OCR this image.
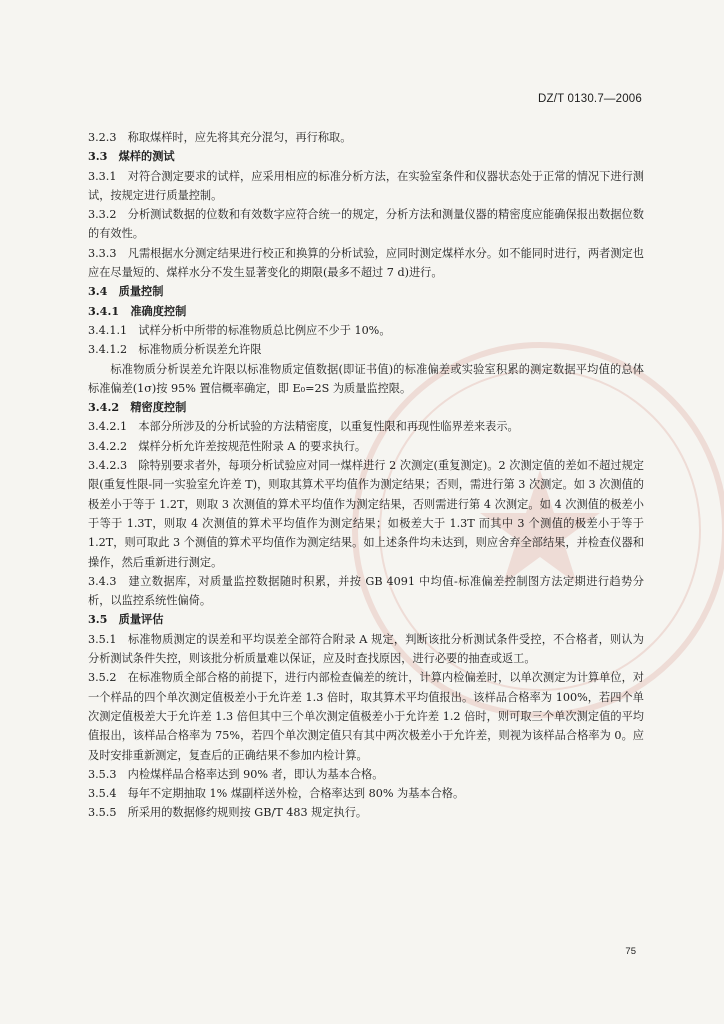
DZ/T 0130.7—2006

3.2.3　称取煤样时，应先将其充分混匀，再行称取。

3.3　煤样的测试

3.3.1　对符合测定要求的试样，应采用相应的标准分析方法，在实验室条件和仪器状态处于正常的情况下进行测试，按规定进行质量控制。

3.3.2　分析测试数据的位数和有效数字应符合统一的规定，分析方法和测量仪器的精密度应能确保报出数据位数的有效性。

3.3.3　凡需根据水分测定结果进行校正和换算的分析试验，应同时测定煤样水分。如不能同时进行，两者测定也应在尽量短的、煤样水分不发生显著变化的期限(最多不超过 7 d)进行。

3.4　质量控制

3.4.1　准确度控制

3.4.1.1　试样分析中所带的标准物质总比例应不少于 10%。

3.4.1.2　标准物质分析误差允许限

标准物质分析误差允许限以标准物质定值数据(即证书值)的标准偏差或实验室积累的测定数据平均值的总体标准偏差(1σ)按 95% 置信概率确定，即 E₀=2S 为质量监控限。

3.4.2　精密度控制

3.4.2.1　本部分所涉及的分析试验的方法精密度，以重复性限和再现性临界差来表示。

3.4.2.2　煤样分析允许差按规范性附录 A 的要求执行。

3.4.2.3　除特别要求者外，每项分析试验应对同一煤样进行 2 次测定(重复测定)。2 次测定值的差如不超过规定限(重复性限-同一实验室允许差 T)，则取其算术平均值作为测定结果；否则，需进行第 3 次测定。如 3 次测值的极差小于等于 1.2T，则取 3 次测值的算术平均值作为测定结果，否则需进行第 4 次测定。如 4 次测值的极差小于等于 1.3T，则取 4 次测值的算术平均值作为测定结果；如极差大于 1.3T 而其中 3 个测值的极差小于等于 1.2T，则可取此 3 个测值的算术平均值作为测定结果。如上述条件均未达到，则应舍弃全部结果，并检查仪器和操作，然后重新进行测定。

3.4.3　建立数据库，对质量监控数据随时积累，并按 GB 4091 中均值-标准偏差控制图方法定期进行趋势分析，以监控系统性偏倚。

3.5　质量评估

3.5.1　标准物质测定的误差和平均误差全部符合附录 A 规定，判断该批分析测试条件受控，不合格者，则认为分析测试条件失控，则该批分析质量难以保证，应及时查找原因，进行必要的抽查或返工。

3.5.2　在标准物质全部合格的前提下，进行内部检查偏差的统计，计算内检偏差时，以单次测定为计算单位，对一个样品的四个单次测定值极差小于允许差 1.3 倍时，取其算术平均值报出。该样品合格率为 100%，若四个单次测定值极差大于允许差 1.3 倍但其中三个单次测定值极差小于允许差 1.2 倍时，则可取三个单次测定值的平均值报出，该样品合格率为 75%，若四个单次测定值只有其中两次极差小于允许差，则视为该样品合格率为 0。应及时安排重新测定，复查后的正确结果不参加内检计算。

3.5.3　内检煤样品合格率达到 90% 者，即认为基本合格。

3.5.4　每年不定期抽取 1% 煤副样送外检，合格率达到 80% 为基本合格。

3.5.5　所采用的数据修约规则按 GB/T 483 规定执行。

75
